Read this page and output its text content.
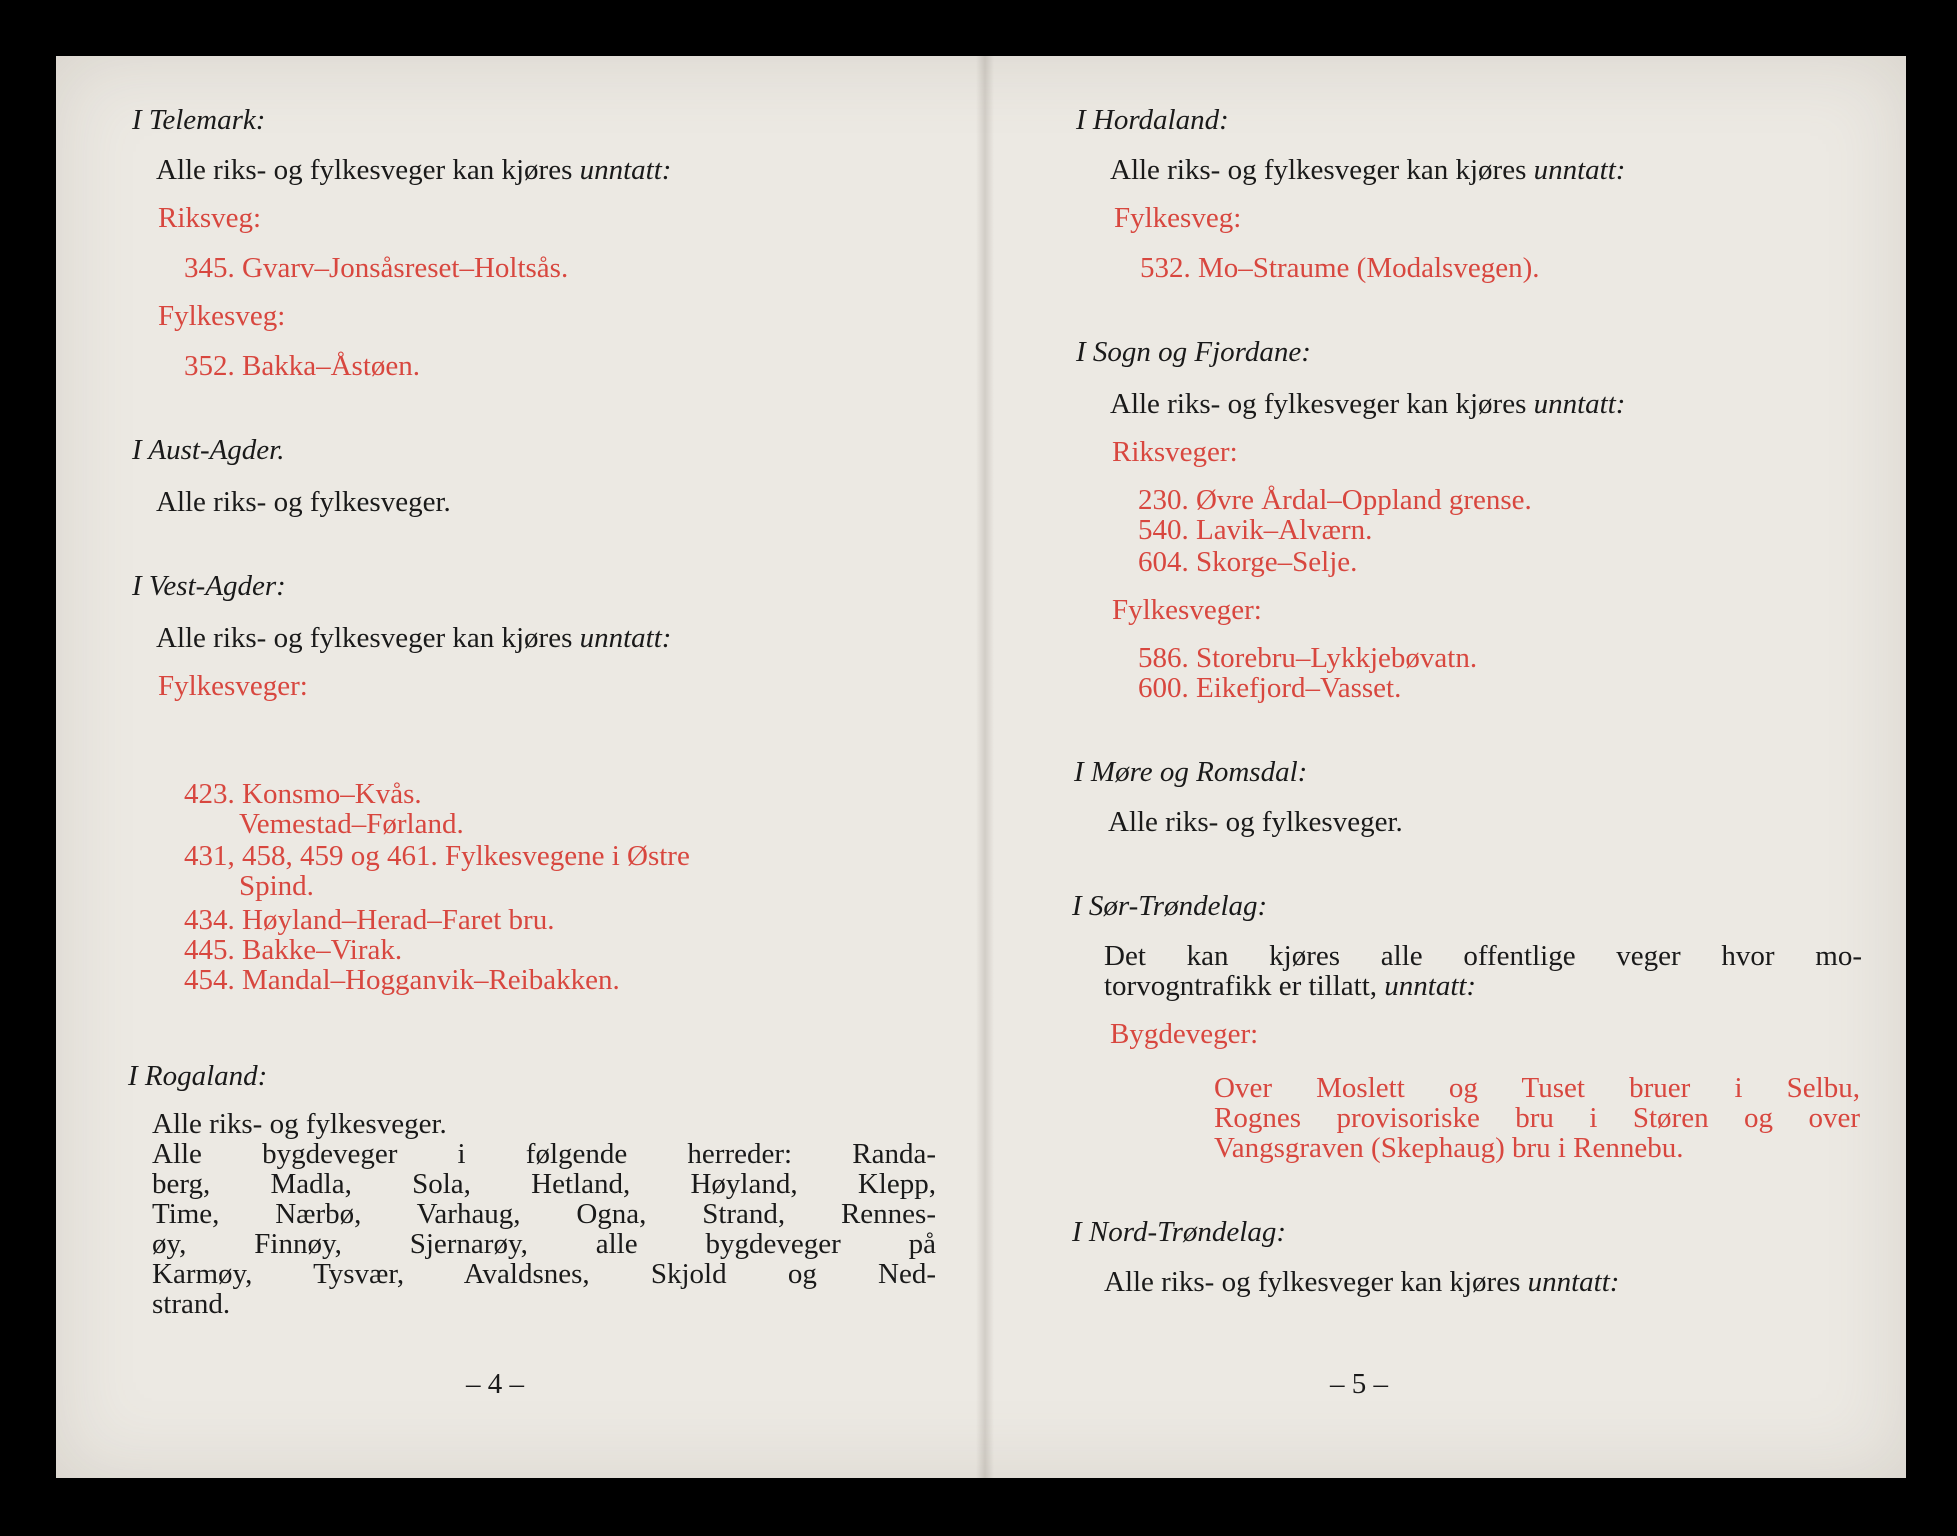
I Telemark:
Alle riks- og fylkesveger kan kjøres unntatt:
Riksveg:
345. Gvarv–Jonsåsreset–Holtsås.
Fylkesveg:
352. Bakka–Åstøen.
I Aust-Agder.
Alle riks- og fylkesveger.
I Vest-Agder:
Alle riks- og fylkesveger kan kjøres unntatt:
Fylkesveger:
423. Konsmo–Kvås.
Vemestad–Førland.
431, 458, 459 og 461. Fylkesvegene i Østre
Spind.
434. Høyland–Herad–Faret bru.
445. Bakke–Virak.
454. Mandal–Hogganvik–Reibakken.
I Rogaland:
Alle riks- og fylkesveger.
Alle bygdeveger i følgende herreder: Randa-
berg, Madla, Sola, Hetland, Høyland, Klepp,
Time, Nærbø, Varhaug, Ogna, Strand, Rennes-
øy, Finnøy, Sjernarøy, alle bygdeveger på
Karmøy, Tysvær, Avaldsnes, Skjold og Ned-
strand.
– 4 –
I Hordaland:
Alle riks- og fylkesveger kan kjøres unntatt:
Fylkesveg:
532. Mo–Straume (Modalsvegen).
I Sogn og Fjordane:
Alle riks- og fylkesveger kan kjøres unntatt:
Riksveger:
230. Øvre Årdal–Oppland grense.
540. Lavik–Alværn.
604. Skorge–Selje.
Fylkesveger:
586. Storebru–Lykkjebøvatn.
600. Eikefjord–Vasset.
I Møre og Romsdal:
Alle riks- og fylkesveger.
I Sør-Trøndelag:
Det kan kjøres alle offentlige veger hvor mo-
torvogntrafikk er tillatt, unntatt:
Bygdeveger:
Over Moslett og Tuset bruer i Selbu,
Rognes provisoriske bru i Støren og over
Vangsgraven (Skephaug) bru i Rennebu.
I Nord-Trøndelag:
Alle riks- og fylkesveger kan kjøres unntatt:
– 5 –
